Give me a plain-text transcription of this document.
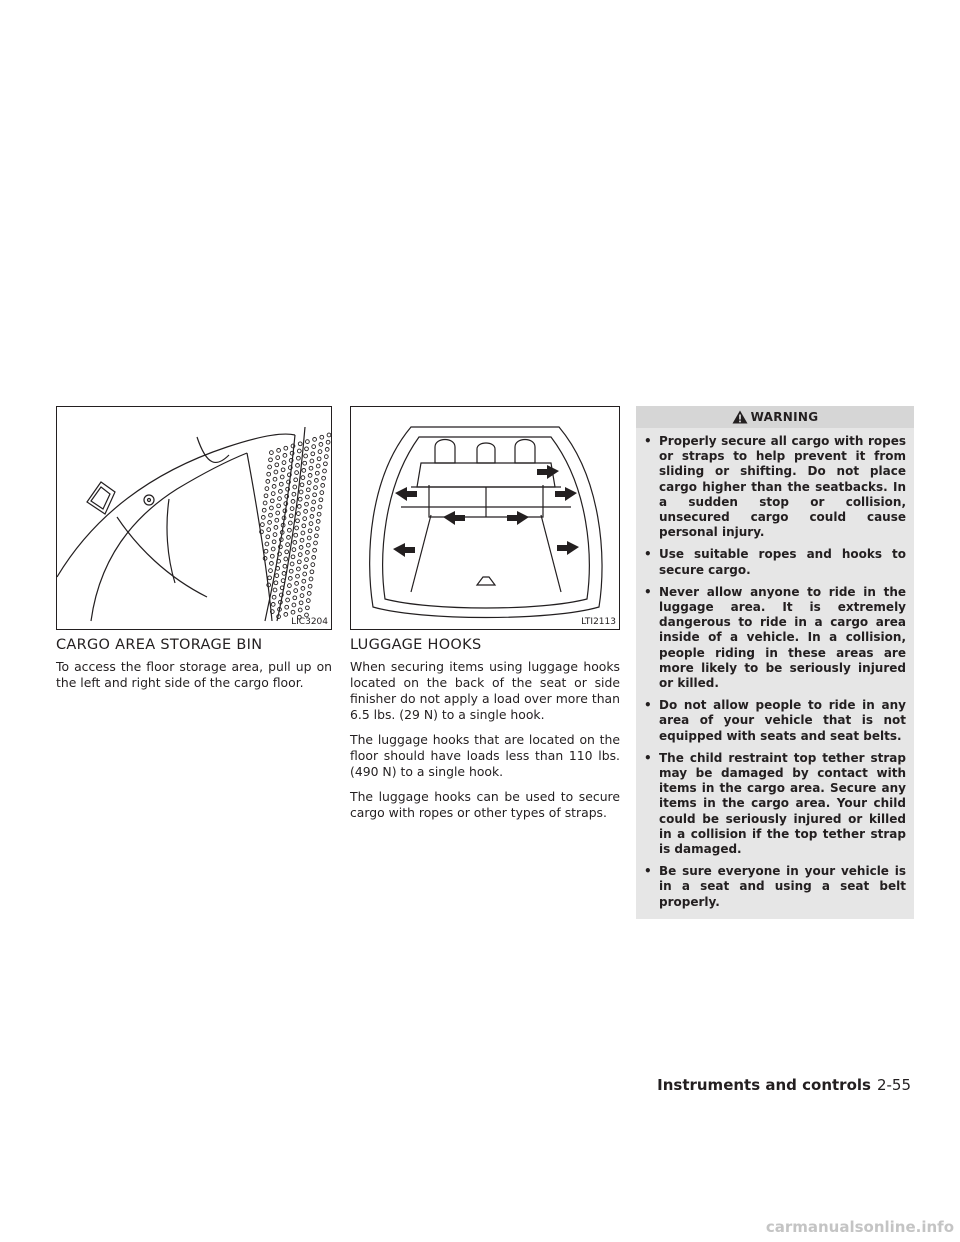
LIC3204
CARGO AREA STORAGE BIN

To access the floor storage area, pull up on the left and right side of the cargo floor.

LTI2113
LUGGAGE HOOKS

When securing items using luggage hooks located on the back of the seat or side finisher do not apply a load over more than 6.5 lbs. (29 N) to a single hook.

The luggage hooks that are located on the floor should have loads less than 110 lbs. (490 N) to a single hook.

The luggage hooks can be used to secure cargo with ropes or other types of straps.

WARNING
• Properly secure all cargo with ropes or straps to help prevent it from sliding or shifting. Do not place cargo higher than the seatbacks. In a sudden stop or collision, unsecured cargo could cause personal injury.
• Use suitable ropes and hooks to secure cargo.
• Never allow anyone to ride in the luggage area. It is extremely dangerous to ride in a cargo area inside of a vehicle. In a collision, people riding in these areas are more likely to be seriously injured or killed.
• Do not allow people to ride in any area of your vehicle that is not equipped with seats and seat belts.
• The child restraint top tether strap may be damaged by contact with items in the cargo area. Secure any items in the cargo area. Your child could be seriously injured or killed in a collision if the top tether strap is damaged.
• Be sure everyone in your vehicle is in a seat and using a seat belt properly.
Instruments and controls 2-55
carmanualsonline.info
